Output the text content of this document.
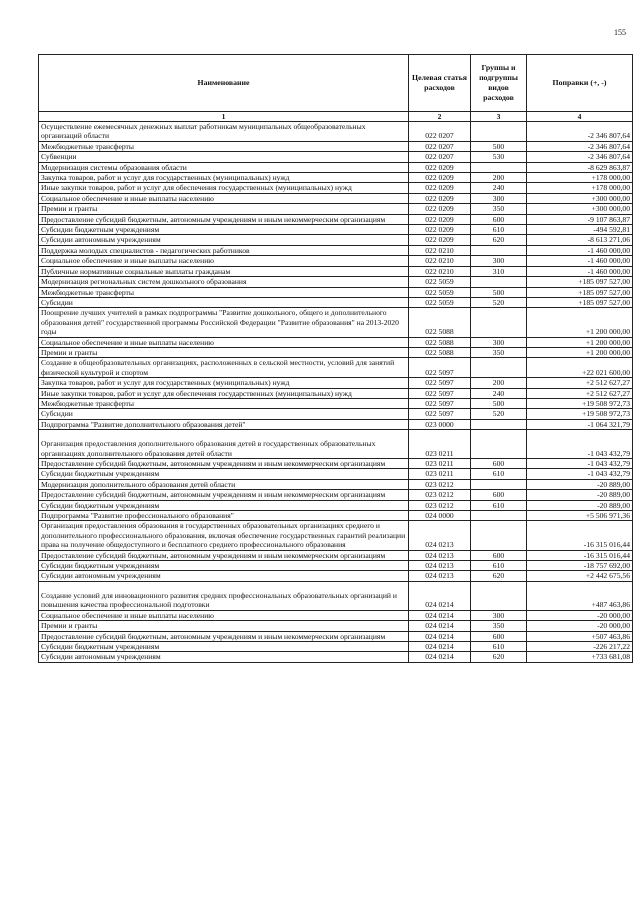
155
Наименование	Целевая статья расходов	Группы и подгруппы видов расходов	Поправки (+, -)
1	2	3	4
Осуществление ежемесячных денежных выплат работникам муниципальных общеобразовательных организаций области	022 0207		-2 346 807,64
Межбюджетные трансферты	022 0207	500	-2 346 807,64
Субвенции	022 0207	530	-2 346 807,64
Модернизация системы образования области	022 0209		-8 629 863,87
Закупка товаров, работ и услуг для государственных (муниципальных) нужд	022 0209	200	+178 000,00
Иные закупки товаров, работ и услуг для обеспечения государственных (муниципальных) нужд	022 0209	240	+178 000,00
Социальное обеспечение и иные выплаты населению	022 0209	300	+300 000,00
Премии и гранты	022 0209	350	+300 000,00
Предоставление субсидий бюджетным, автономным учреждениям и иным некоммерческим организациям	022 0209	600	-9 107 863,87
Субсидии бюджетным учреждениям	022 0209	610	-494 592,81
Субсидии автономным учреждениям	022 0209	620	-8 613 271,06
Поддержка молодых специалистов - педагогических работников	022 0210		-1 460 000,00
Социальное обеспечение и иные выплаты населению	022 0210	300	-1 460 000,00
Публичные нормативные социальные выплаты гражданам	022 0210	310	-1 460 000,00
Модернизация региональных систем дошкольного образования	022 5059		+185 097 527,00
Межбюджетные трансферты	022 5059	500	+185 097 527,00
Субсидии	022 5059	520	+185 097 527,00
Поощрение лучших учителей в рамках подпрограммы "Развитие дошкольного, общего и дополнительного образования детей" государственной программы Российской Федерации "Развитие образования" на 2013-2020 годы	022 5088		+1 200 000,00
Социальное обеспечение и иные выплаты населению	022 5088	300	+1 200 000,00
Премии и гранты	022 5088	350	+1 200 000,00
Создание в общеобразовательных организациях, расположенных в сельской местности, условий для занятий физической культурой и спортом	022 5097		+22 021 600,00
Закупка товаров, работ и услуг для государственных (муниципальных) нужд	022 5097	200	+2 512 627,27
Иные закупки товаров, работ и услуг для обеспечения государственных (муниципальных) нужд	022 5097	240	+2 512 627,27
Межбюджетные трансферты	022 5097	500	+19 508 972,73
Субсидии	022 5097	520	+19 508 972,73
Подпрограмма "Развитие дополнительного образования детей"	023 0000		-1 064 321,79
Организация предоставления дополнительного образования детей в государственных образовательных организациях дополнительного образования детей области	023 0211		-1 043 432,79
Предоставление субсидий бюджетным, автономным учреждениям и иным некоммерческим организациям	023 0211	600	-1 043 432,79
Субсидии бюджетным учреждениям	023 0211	610	-1 043 432,79
Модернизация дополнительного образования детей области	023 0212		-20 889,00
Предоставление субсидий бюджетным, автономным учреждениям и иным некоммерческим организациям	023 0212	600	-20 889,00
Субсидии бюджетным учреждениям	023 0212	610	-20 889,00
Подпрограмма "Развитие профессионального образования"	024 0000		+5 506 971,36
Организация предоставления образования в государственных образовательных организациях среднего и дополнительного профессионального образования, включая обеспечение государственных гарантий реализации права на получение общедоступного и бесплатного среднего профессионального образования	024 0213		-16 315 016,44
Предоставление субсидий бюджетным, автономным учреждениям и иным некоммерческим организациям	024 0213	600	-16 315 016,44
Субсидии бюджетным учреждениям	024 0213	610	-18 757 692,00
Субсидии автономным учреждениям	024 0213	620	+2 442 675,56
Создание условий для инновационного развития средних профессиональных образовательных организаций и повышения качества профессиональной подготовки	024 0214		+487 463,86
Социальное обеспечение и иные выплаты населению	024 0214	300	-20 000,00
Премии и гранты	024 0214	350	-20 000,00
Предоставление субсидий бюджетным, автономным учреждениям и иным некоммерческим организациям	024 0214	600	+507 463,86
Субсидии бюджетным учреждениям	024 0214	610	-226 217,22
Субсидии автономным учреждениям	024 0214	620	+733 681,08
